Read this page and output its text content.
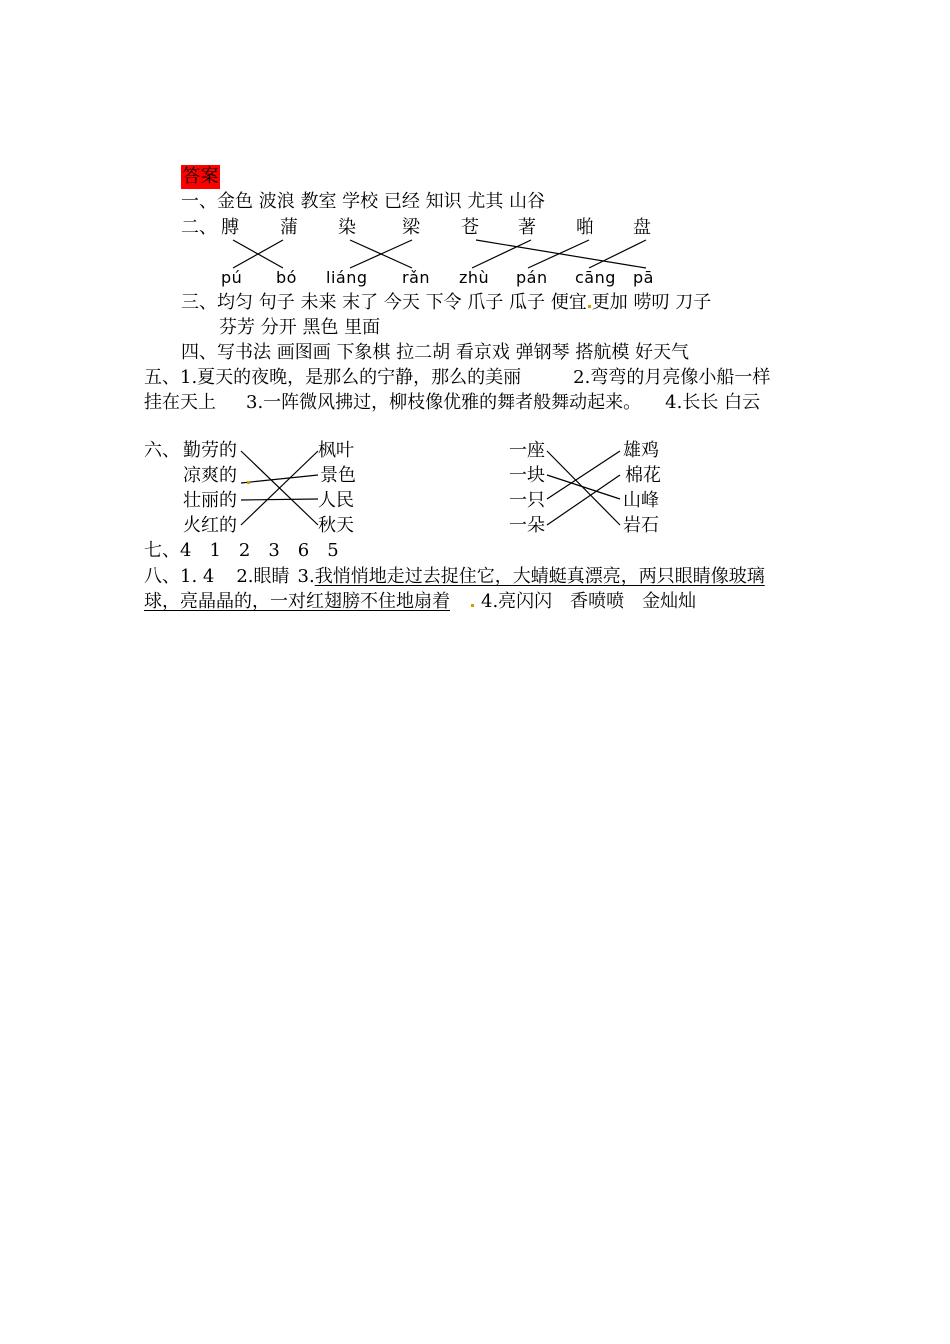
答案
一、金色 波浪 教室 学校 已经 知识 尤其 山谷
二、 膊 蒲 染	梁 苍 著 啪 盘
pú bó liáng rǎn zhù pán cāng pā
三、均匀 句子 未来 末了 今天 下令 爪子 瓜子 便宜 更加 唠叨 刀子
芬芳 分开 黑色 里面
四、写书法 画图画 下象棋 拉二胡 看京戏 弹钢琴 搭航模 好天气
五、1.夏天的夜晚，是那么的宁静，那么的美丽	2.弯弯的月亮像小船一样
挂在天上 3.一阵微风拂过，柳枝像优雅的舞者般舞动起来。 4.长长 白云
六、 勤劳的
凉爽的
壮丽的
火红的
枫叶
景色
人民
秋天
一座
一块
一只
一朵
雄鸡
棉花
山峰
岩石
七、4　1　2　3　6　5
八、1. 4 2.眼睛 3.我悄悄地走过去捉住它，大蜻蜓真漂亮，两只眼睛像玻璃
球，亮晶晶的，一对红翅膀不住地扇着 4.亮闪闪　香喷喷　金灿灿
